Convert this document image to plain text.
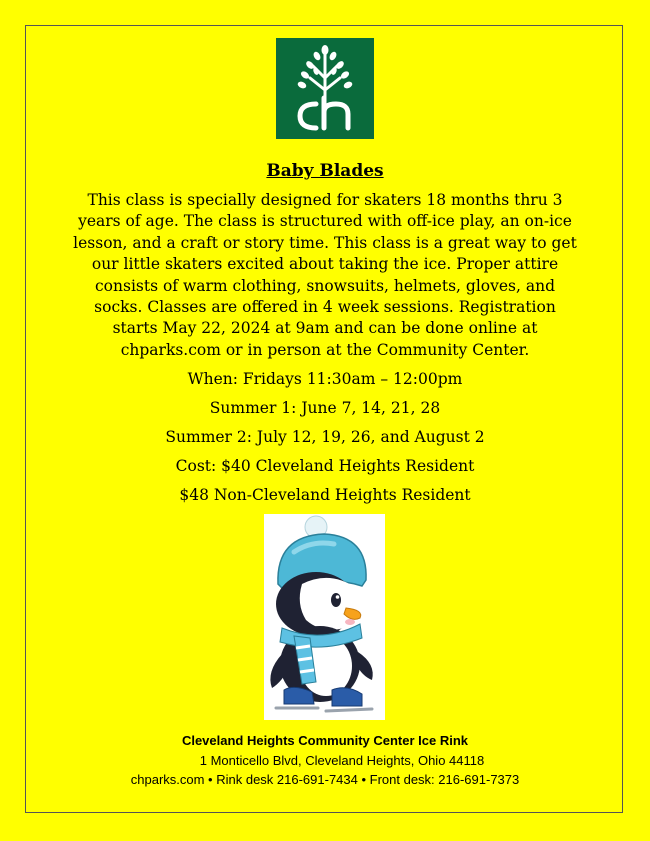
Baby Blades
This class is specially designed for skaters 18 months thru 3 years of age. The class is structured with off-ice play, an on-ice lesson, and a craft or story time. This class is a great way to get our little skaters excited about taking the ice. Proper attire consists of warm clothing, snowsuits, helmets, gloves, and socks. Classes are offered in 4 week sessions. Registration starts May 22, 2024 at 9am and can be done online at chparks.com or in person at the Community Center.
When: Fridays 11:30am – 12:00pm
Summer 1: June 7, 14, 21, 28
Summer 2: July 12, 19, 26, and August 2
Cost: $40 Cleveland Heights Resident
$48 Non-Cleveland Heights Resident
Cleveland Heights Community Center Ice Rink
1 Monticello Blvd, Cleveland Heights, Ohio 44118
chparks.com • Rink desk 216-691-7434 • Front desk: 216-691-7373
